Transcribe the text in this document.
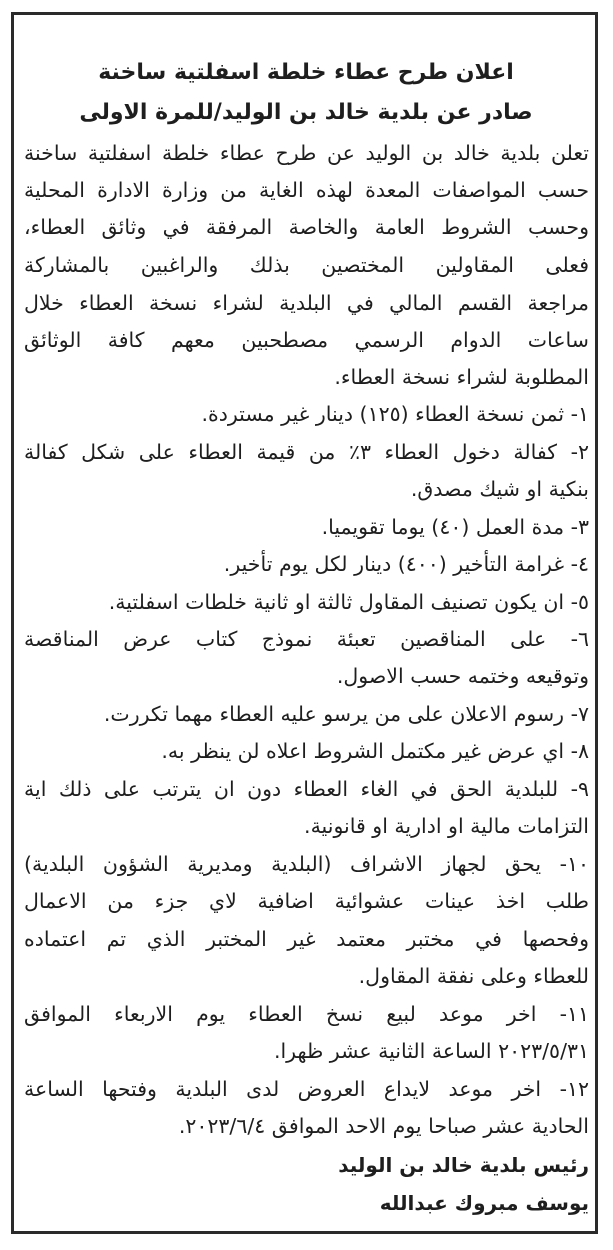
اعلان طرح عطاء خلطة اسفلتية ساخنة
صادر عن بلدية خالد بن الوليد/للمرة الاولى
تعلن بلدية خالد بن الوليد عن طرح عطاء خلطة اسفلتية ساخنة
حسب المواصفات المعدة لهذه الغاية من وزارة الادارة المحلية
وحسب الشروط العامة والخاصة المرفقة في وثائق العطاء،
فعلى المقاولين المختصين بذلك والراغبين بالمشاركة
مراجعة القسم المالي في البلدية لشراء نسخة العطاء خلال
ساعات الدوام الرسمي مصطحبين معهم كافة الوثائق
المطلوبة لشراء نسخة العطاء.
١- ثمن نسخة العطاء (١٢٥) دينار غير مستردة.
٢- كفالة دخول العطاء ٣٪ من قيمة العطاء على شكل كفالة
بنكية او شيك مصدق.
٣- مدة العمل (٤٠) يوما تقويميا.
٤- غرامة التأخير (٤٠٠) دينار لكل يوم تأخير.
٥- ان يكون تصنيف المقاول ثالثة او ثانية خلطات اسفلتية.
٦- على المناقصين تعبئة نموذج كتاب عرض المناقصة
وتوقيعه وختمه حسب الاصول.
٧- رسوم الاعلان على من يرسو عليه العطاء مهما تكررت.
٨- اي عرض غير مكتمل الشروط اعلاه لن ينظر به.
٩- للبلدية الحق في الغاء العطاء دون ان يترتب على ذلك اية
التزامات مالية او ادارية او قانونية.
١٠- يحق لجهاز الاشراف (البلدية ومديرية الشؤون البلدية)
طلب اخذ عينات عشوائية اضافية لاي جزء من الاعمال
وفحصها في مختبر معتمد غير المختبر الذي تم اعتماده
للعطاء وعلى نفقة المقاول.
١١- اخر موعد لبيع نسخ العطاء يوم الاربعاء الموافق
٢٠٢٣/٥/٣١ الساعة الثانية عشر ظهرا.
١٢- اخر موعد لايداع العروض لدى البلدية وفتحها الساعة
الحادية عشر صباحا يوم الاحد الموافق ٢٠٢٣/٦/٤.
رئيس بلدية خالد بن الوليد
يوسف مبروك عبدالله
